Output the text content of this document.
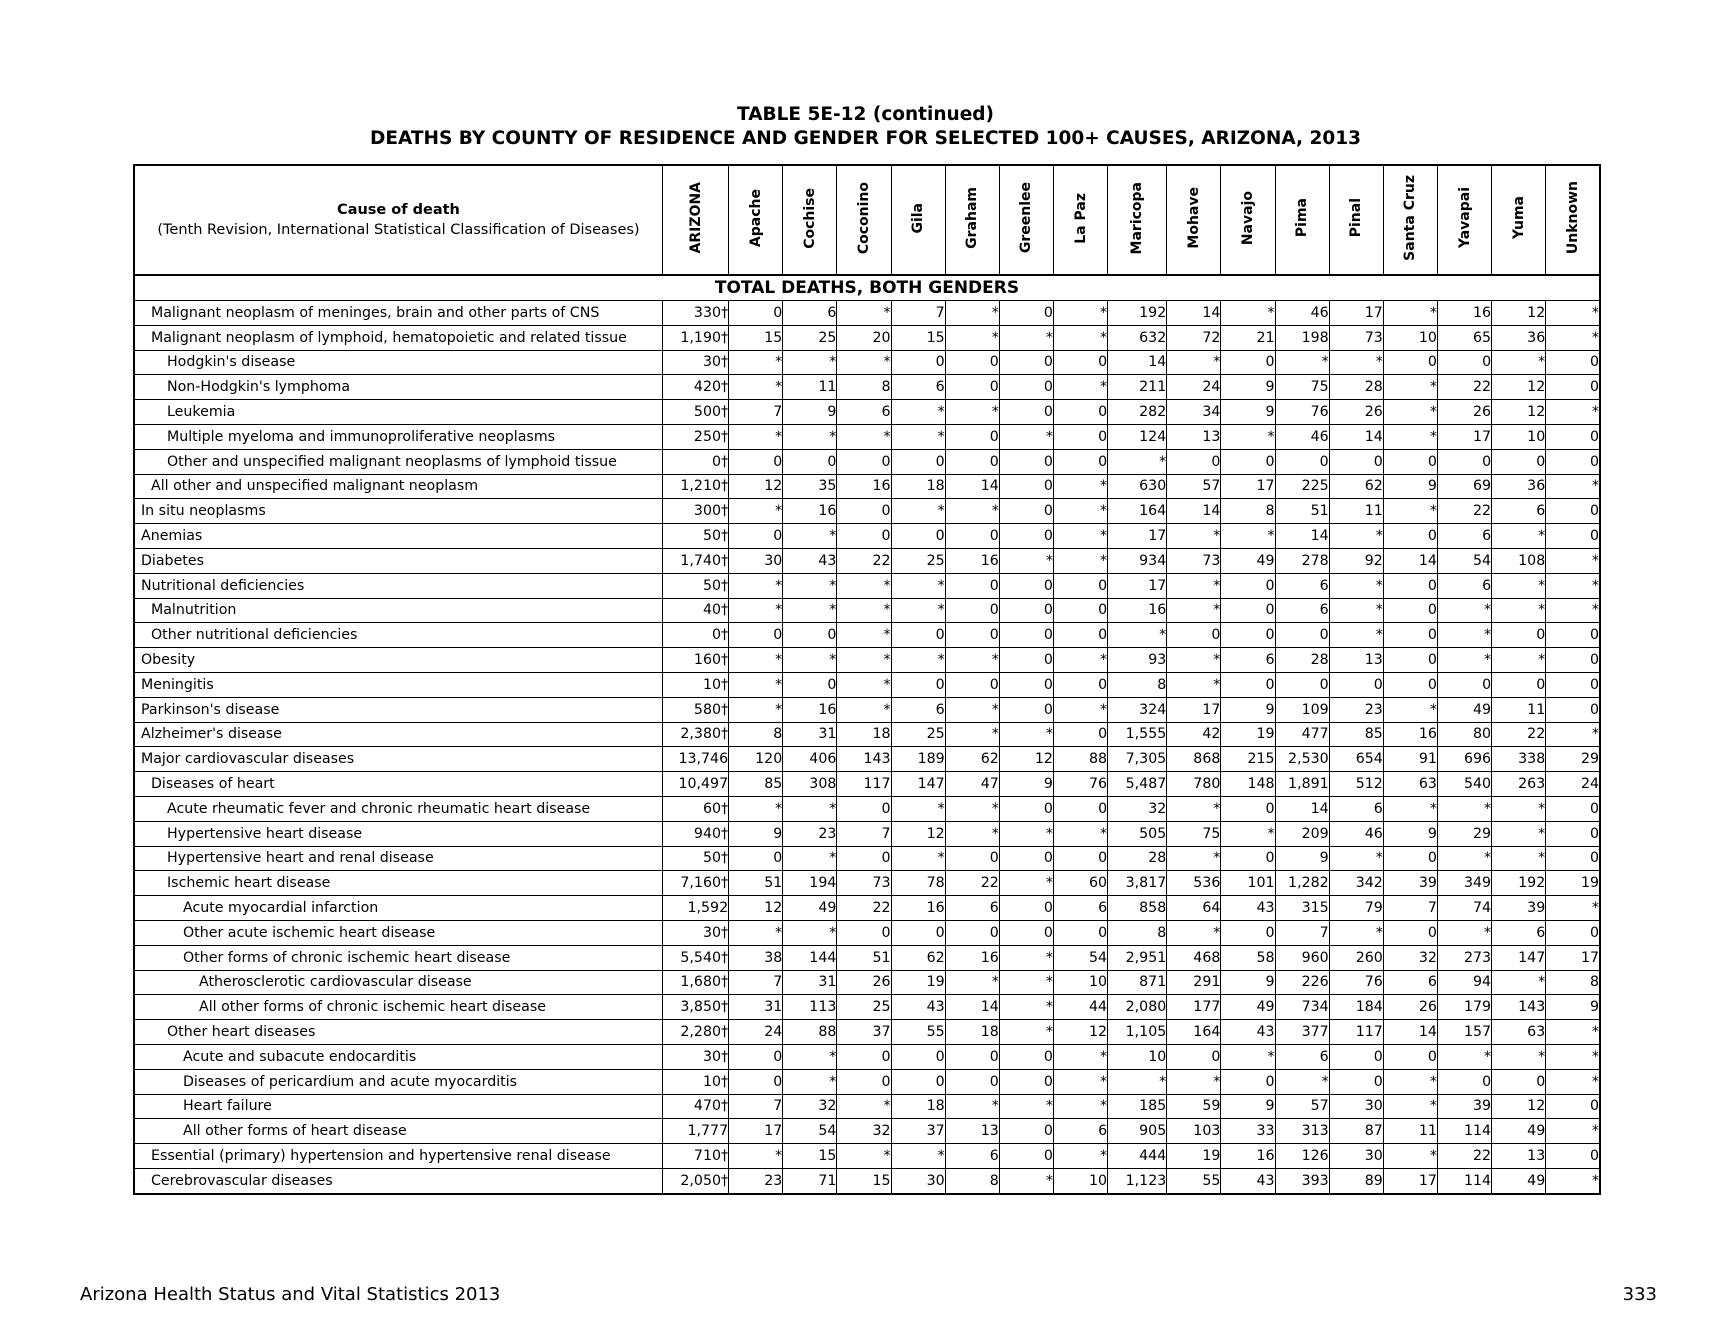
TABLE 5E-12 (continued)
DEATHS BY COUNTY OF RESIDENCE AND GENDER FOR SELECTED 100+ CAUSES, ARIZONA, 2013
Cause of death
(Tenth Revision, International Statistical Classification of Diseases)	ARIZONA	Apache	Cochise	Coconino	Gila	Graham	Greenlee	La Paz	Maricopa	Mohave	Navajo	Pima	Pinal	Santa Cruz	Yavapai	Yuma	Unknown
TOTAL DEATHS, BOTH GENDERS																	
Malignant neoplasm of meninges, brain and other parts of CNS	330†	0	6	*	7	*	0	*	192	14	*	46	17	*	16	12	*
Malignant neoplasm of lymphoid, hematopoietic and related tissue	1,190†	15	25	20	15	*	*	*	632	72	21	198	73	10	65	36	*
Hodgkin's disease	30†	*	*	*	0	0	0	0	14	*	0	*	*	0	0	*	0
Non-Hodgkin's lymphoma	420†	*	11	8	6	0	0	*	211	24	9	75	28	*	22	12	0
Leukemia	500†	7	9	6	*	*	0	0	282	34	9	76	26	*	26	12	*
Multiple myeloma and immunoproliferative neoplasms	250†	*	*	*	*	0	*	0	124	13	*	46	14	*	17	10	0
Other and unspecified malignant neoplasms of lymphoid tissue	0†	0	0	0	0	0	0	0	*	0	0	0	0	0	0	0	0
All other and unspecified malignant neoplasm	1,210†	12	35	16	18	14	0	*	630	57	17	225	62	9	69	36	*
In situ neoplasms	300†	*	16	0	*	*	0	*	164	14	8	51	11	*	22	6	0
Anemias	50†	0	*	0	0	0	0	*	17	*	*	14	*	0	6	*	0
Diabetes	1,740†	30	43	22	25	16	*	*	934	73	49	278	92	14	54	108	*
Nutritional deficiencies	50†	*	*	*	*	0	0	0	17	*	0	6	*	0	6	*	*
Malnutrition	40†	*	*	*	*	0	0	0	16	*	0	6	*	0	*	*	*
Other nutritional deficiencies	0†	0	0	*	0	0	0	0	*	0	0	0	*	0	*	0	0
Obesity	160†	*	*	*	*	*	0	*	93	*	6	28	13	0	*	*	0
Meningitis	10†	*	0	*	0	0	0	0	8	*	0	0	0	0	0	0	0
Parkinson's disease	580†	*	16	*	6	*	0	*	324	17	9	109	23	*	49	11	0
Alzheimer's disease	2,380†	8	31	18	25	*	*	0	1,555	42	19	477	85	16	80	22	*
Major cardiovascular diseases	13,746	120	406	143	189	62	12	88	7,305	868	215	2,530	654	91	696	338	29
Diseases of heart	10,497	85	308	117	147	47	9	76	5,487	780	148	1,891	512	63	540	263	24
Acute rheumatic fever and chronic rheumatic heart disease	60†	*	*	0	*	*	0	0	32	*	0	14	6	*	*	*	0
Hypertensive heart disease	940†	9	23	7	12	*	*	*	505	75	*	209	46	9	29	*	0
Hypertensive heart and renal disease	50†	0	*	0	*	0	0	0	28	*	0	9	*	0	*	*	0
Ischemic heart disease	7,160†	51	194	73	78	22	*	60	3,817	536	101	1,282	342	39	349	192	19
Acute myocardial infarction	1,592	12	49	22	16	6	0	6	858	64	43	315	79	7	74	39	*
Other acute ischemic heart disease	30†	*	*	0	0	0	0	0	8	*	0	7	*	0	*	6	0
Other forms of chronic ischemic heart disease	5,540†	38	144	51	62	16	*	54	2,951	468	58	960	260	32	273	147	17
Atherosclerotic cardiovascular disease	1,680†	7	31	26	19	*	*	10	871	291	9	226	76	6	94	*	8
All other forms of chronic ischemic heart disease	3,850†	31	113	25	43	14	*	44	2,080	177	49	734	184	26	179	143	9
Other heart diseases	2,280†	24	88	37	55	18	*	12	1,105	164	43	377	117	14	157	63	*
Acute and subacute endocarditis	30†	0	*	0	0	0	0	*	10	0	*	6	0	0	*	*	*
Diseases of pericardium and acute myocarditis	10†	0	*	0	0	0	0	*	*	*	0	*	0	*	0	0	*
Heart failure	470†	7	32	*	18	*	*	*	185	59	9	57	30	*	39	12	0
All other forms of heart disease	1,777	17	54	32	37	13	0	6	905	103	33	313	87	11	114	49	*
Essential (primary) hypertension and hypertensive renal disease	710†	*	15	*	*	6	0	*	444	19	16	126	30	*	22	13	0
Cerebrovascular diseases	2,050†	23	71	15	30	8	*	10	1,123	55	43	393	89	17	114	49	*
Arizona Health Status and Vital Statistics 2013	333
